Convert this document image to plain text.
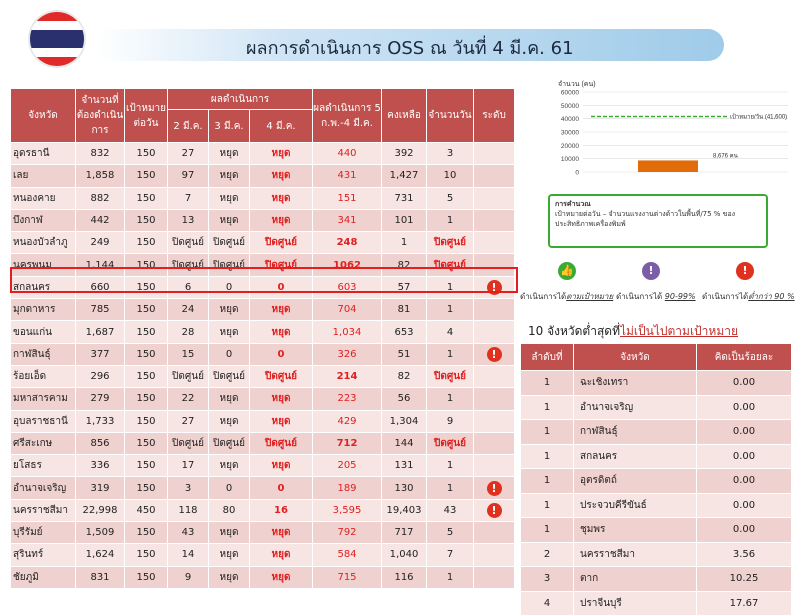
ผลการดำเนินการ OSS ณ วันที่ 4 มี.ค. 61
จังหวัด	จำนวนที่ต้องดำเนินการ	เป้าหมายต่อวัน	ผลดำเนินการ			ผลดำเนินการ 5 ก.พ.-4 มี.ค.	คงเหลือ	จำนวนวัน	ระดับ
			2 มี.ค.	3 มี.ค.	4 มี.ค.				
อุดรธานี	832	150	27	หยุด	หยุด	440	392	3	
เลย	1,858	150	97	หยุด	หยุด	431	1,427	10	
หนองคาย	882	150	7	หยุด	หยุด	151	731	5	
บึงกาฬ	442	150	13	หยุด	หยุด	341	101	1	
หนองบัวลำภู	249	150	ปิดศูนย์	ปิดศูนย์	ปิดศูนย์	248	1	ปิดศูนย์	
นครพนม	1,144	150	ปิดศูนย์	ปิดศูนย์	ปิดศูนย์	1062	82	ปิดศูนย์	
สกลนคร	660	150	6	0	0	603	57	1	!
มุกดาหาร	785	150	24	หยุด	หยุด	704	81	1	
ขอนแก่น	1,687	150	28	หยุด	หยุด	1,034	653	4	
กาฬสินธุ์	377	150	15	0	0	326	51	1	!
ร้อยเอ็ด	296	150	ปิดศูนย์	ปิดศูนย์	ปิดศูนย์	214	82	ปิดศูนย์	
มหาสารคาม	279	150	22	หยุด	หยุด	223	56	1	
อุบลราชธานี	1,733	150	27	หยุด	หยุด	429	1,304	9	
ศรีสะเกษ	856	150	ปิดศูนย์	ปิดศูนย์	ปิดศูนย์	712	144	ปิดศูนย์	
ยโสธร	336	150	17	หยุด	หยุด	205	131	1	
อำนาจเจริญ	319	150	3	0	0	189	130	1	!
นครราชสีมา	22,998	450	118	80	16	3,595	19,403	43	!
บุรีรัมย์	1,509	150	43	หยุด	หยุด	792	717	5	
สุรินทร์	1,624	150	14	หยุด	หยุด	584	1,040	7	
ชัยภูมิ	831	150	9	หยุด	หยุด	715	116	1	
จำนวน (คน)
60000
50000
40000
30000
20000
10000
0
เป้าหมาย/วัน (41,600)
8,676 คน
การคำนวณ
เป้าหมายต่อวัน – จำนวนแรงงานต่างด้าวในพื้นที่/75 % ของประสิทธิภาพเครื่องพิมพ์
👍
ดำเนินการได้ตามเป้าหมาย
!
ดำเนินการได้ 90-99%
!
ดำเนินการได้ต่ำกว่า 90 %
10 จังหวัดต่ำสุดที่ไม่เป็นไปตามเป้าหมาย
ลำดับที่	จังหวัด	คิดเป็นร้อยละ
1	ฉะเชิงเทรา	0.00
1	อำนาจเจริญ	0.00
1	กาฬสินธุ์	0.00
1	สกลนคร	0.00
1	อุตรดิตถ์	0.00
1	ประจวบคีรีขันธ์	0.00
1	ชุมพร	0.00
2	นครราชสีมา	3.56
3	ตาก	10.25
4	ปราจีนบุรี	17.67
